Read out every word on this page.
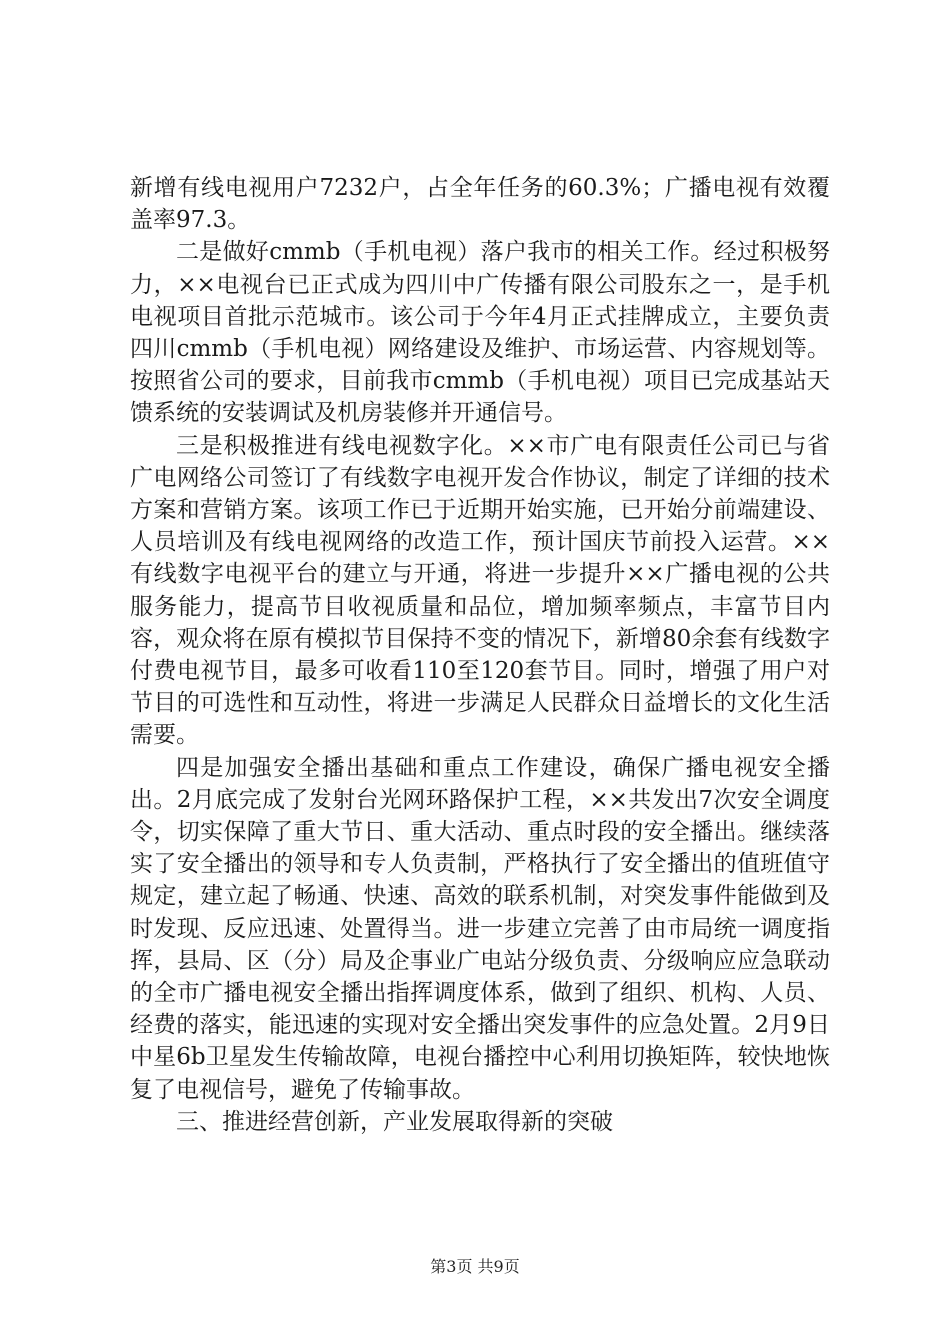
新增有线电视用户7232户，占全年任务的60.3%；广播电视有效覆盖率97.3。

二是做好cmmb（手机电视）落户我市的相关工作。经过积极努力，××电视台已正式成为四川中广传播有限公司股东之一，是手机电视项目首批示范城市。该公司于今年4月正式挂牌成立，主要负责四川cmmb（手机电视）网络建设及维护、市场运营、内容规划等。按照省公司的要求，目前我市cmmb（手机电视）项目已完成基站天馈系统的安装调试及机房装修并开通信号。

三是积极推进有线电视数字化。××市广电有限责任公司已与省广电网络公司签订了有线数字电视开发合作协议，制定了详细的技术方案和营销方案。该项工作已于近期开始实施，已开始分前端建设、人员培训及有线电视网络的改造工作，预计国庆节前投入运营。××有线数字电视平台的建立与开通，将进一步提升××广播电视的公共服务能力，提高节目收视质量和品位，增加频率频点，丰富节目内容，观众将在原有模拟节目保持不变的情况下，新增80余套有线数字付费电视节目，最多可收看110至120套节目。同时，增强了用户对节目的可选性和互动性，将进一步满足人民群众日益增长的文化生活需要。

四是加强安全播出基础和重点工作建设，确保广播电视安全播出。2月底完成了发射台光网环路保护工程，××共发出7次安全调度令，切实保障了重大节日、重大活动、重点时段的安全播出。继续落实了安全播出的领导和专人负责制，严格执行了安全播出的值班值守规定，建立起了畅通、快速、高效的联系机制，对突发事件能做到及时发现、反应迅速、处置得当。进一步建立完善了由市局统一调度指挥，县局、区（分）局及企事业广电站分级负责、分级响应应急联动的全市广播电视安全播出指挥调度体系，做到了组织、机构、人员、经费的落实，能迅速的实现对安全播出突发事件的应急处置。2月9日中星6b卫星发生传输故障，电视台播控中心利用切换矩阵，较快地恢复了电视信号，避免了传输事故。

三、推进经营创新，产业发展取得新的突破

第3页 共9页
